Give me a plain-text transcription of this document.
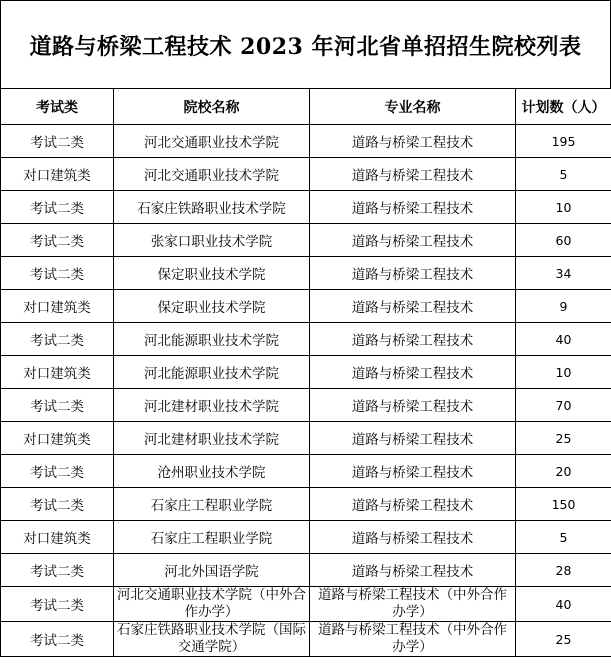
道路与桥梁工程技术 2023 年河北省单招招生院校列表
考试类	院校名称	专业名称	计划数（人）
考试二类	河北交通职业技术学院	道路与桥梁工程技术	195
对口建筑类	河北交通职业技术学院	道路与桥梁工程技术	5
考试二类	石家庄铁路职业技术学院	道路与桥梁工程技术	10
考试二类	张家口职业技术学院	道路与桥梁工程技术	60
考试二类	保定职业技术学院	道路与桥梁工程技术	34
对口建筑类	保定职业技术学院	道路与桥梁工程技术	9
考试二类	河北能源职业技术学院	道路与桥梁工程技术	40
对口建筑类	河北能源职业技术学院	道路与桥梁工程技术	10
考试二类	河北建材职业技术学院	道路与桥梁工程技术	70
对口建筑类	河北建材职业技术学院	道路与桥梁工程技术	25
考试二类	沧州职业技术学院	道路与桥梁工程技术	20
考试二类	石家庄工程职业学院	道路与桥梁工程技术	150
对口建筑类	石家庄工程职业学院	道路与桥梁工程技术	5
考试二类	河北外国语学院	道路与桥梁工程技术	28
考试二类	河北交通职业技术学院（中外合作办学）	道路与桥梁工程技术（中外合作办学）	40
考试二类	石家庄铁路职业技术学院（国际交通学院）	道路与桥梁工程技术（中外合作办学）	25
